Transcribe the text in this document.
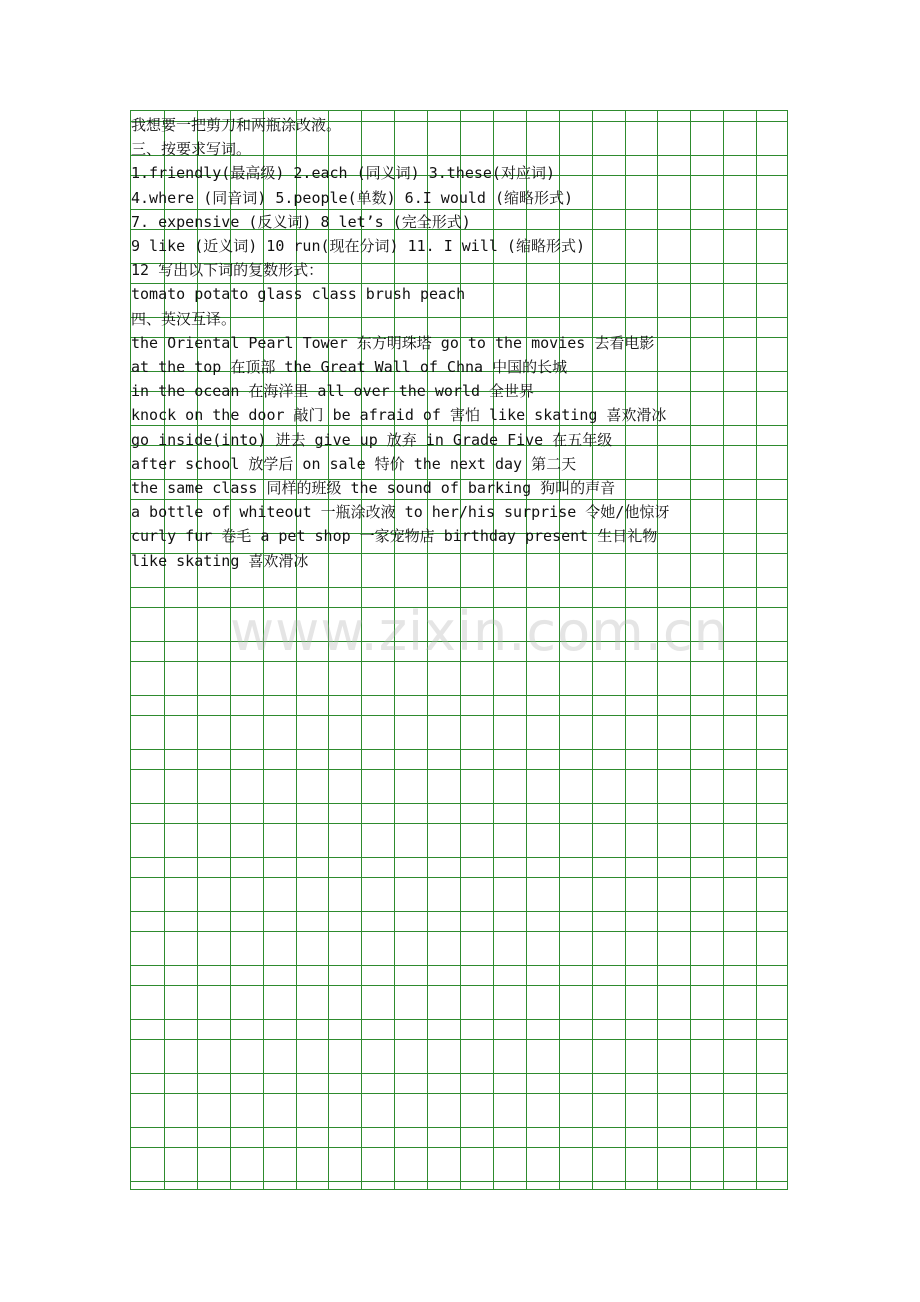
我想要一把剪刀和两瓶涂改液。
三、按要求写词。
1.friendly(最高级) 2.each (同义词) 3.these(对应词)
4.where (同音词) 5.people(单数) 6.I would (缩略形式)
7. expensive (反义词) 8 let’s (完全形式)
9 like (近义词) 10 run(现在分词) 11. I will (缩略形式)
12 写出以下词的复数形式：
tomato potato glass class brush peach
四、英汉互译。
the Oriental Pearl Tower 东方明珠塔 go to the movies 去看电影
at the top 在顶部 the Great Wall of Chna 中国的长城
in the ocean 在海洋里 all over the world 全世界
knock on the door 敲门 be afraid of 害怕 like skating 喜欢滑冰
go inside(into) 进去 give up 放弃 in Grade Five 在五年级
after school 放学后 on sale 特价 the next day 第二天
the same class 同样的班级 the sound of barking 狗叫的声音
a bottle of whiteout 一瓶涂改液 to her/his surprise 令她/他惊讶
curly fur 卷毛 a pet shop 一家宠物店 birthday present 生日礼物
like skating 喜欢滑冰
www.zixin.com.cn
